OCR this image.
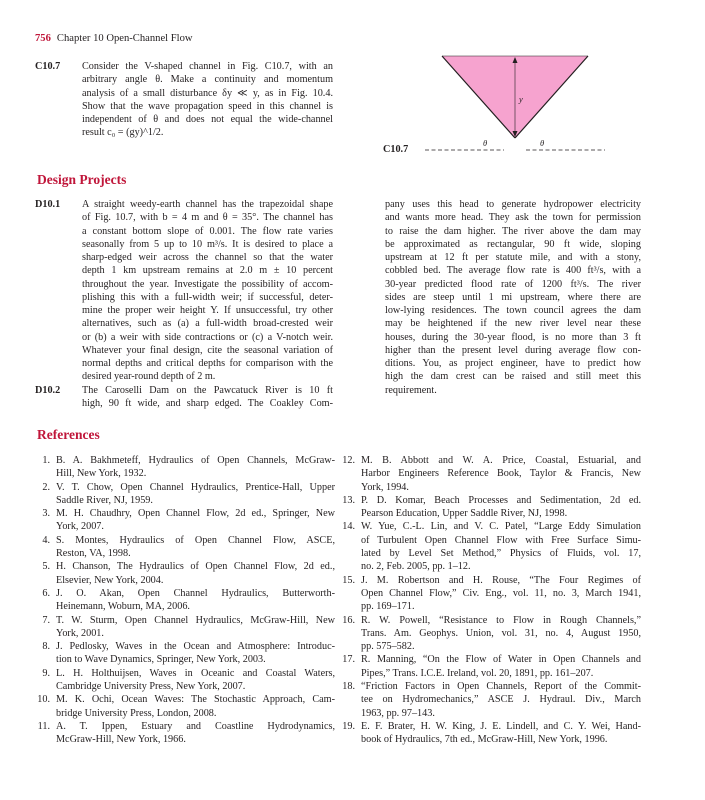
756 Chapter 10 Open-Channel Flow
C10.7 Consider the V-shaped channel in Fig. C10.7, with an
arbitrary angle θ. Make a continuity and momentum
analysis of a small disturbance δy ≪ y, as in Fig. 10.4.
Show that the wave propagation speed in this channel is
independent of θ and does not equal the wide-channel
result c₀ = (gy)^1/2.
y
θ	θ
C10.7
Design Projects
D10.1 A straight weedy-earth channel has the trapezoidal shape
of Fig. 10.7, with b = 4 m and θ = 35°. The channel has
a constant bottom slope of 0.001. The flow rate varies
seasonally from 5 up to 10 m³/s. It is desired to place a
sharp-edged weir across the channel so that the water
depth 1 km upstream remains at 2.0 m ± 10 percent
throughout the year. Investigate the possibility of accom-
plishing this with a full-width weir; if successful, deter-
mine the proper weir height Y. If unsuccessful, try other
alternatives, such as (a) a full-width broad-crested weir
or (b) a weir with side contractions or (c) a V-notch weir.
Whatever your final design, cite the seasonal variation of
normal depths and critical depths for comparison with the
desired year-round depth of 2 m.
D10.2 The Caroselli Dam on the Pawcatuck River is 10 ft
high, 90 ft wide, and sharp edged. The Coakley Com-
pany uses this head to generate hydropower electricity
and wants more head. They ask the town for permission
to raise the dam higher. The river above the dam may
be approximated as rectangular, 90 ft wide, sloping
upstream at 12 ft per statute mile, and with a stony,
cobbled bed. The average flow rate is 400 ft³/s, with a
30-year predicted flood rate of 1200 ft³/s. The river
sides are steep until 1 mi upstream, where there are
low-lying residences. The town council agrees the dam
may be heightened if the new river level near these
houses, during the 30-year flood, is no more than 3 ft
higher than the present level during average flow con-
ditions. You, as project engineer, have to predict how
high the dam crest can be raised and still meet this
requirement.
References
1. B. A. Bakhmeteff, Hydraulics of Open Channels, McGraw-
Hill, New York, 1932.
2. V. T. Chow, Open Channel Hydraulics, Prentice-Hall, Upper
Saddle River, NJ, 1959.
3. M. H. Chaudhry, Open Channel Flow, 2d ed., Springer, New
York, 2007.
4. S. Montes, Hydraulics of Open Channel Flow, ASCE,
Reston, VA, 1998.
5. H. Chanson, The Hydraulics of Open Channel Flow, 2d ed.,
Elsevier, New York, 2004.
6. J. O. Akan, Open Channel Hydraulics, Butterworth-
Heinemann, Woburn, MA, 2006.
7. T. W. Sturm, Open Channel Hydraulics, McGraw-Hill, New
York, 2001.
8. J. Pedlosky, Waves in the Ocean and Atmosphere: Introduc-
tion to Wave Dynamics, Springer, New York, 2003.
9. L. H. Holthuijsen, Waves in Oceanic and Coastal Waters,
Cambridge University Press, New York, 2007.
10. M. K. Ochi, Ocean Waves: The Stochastic Approach, Cam-
bridge University Press, London, 2008.
11. A. T. Ippen, Estuary and Coastline Hydrodynamics,
McGraw-Hill, New York, 1966.
12. M. B. Abbott and W. A. Price, Coastal, Estuarial, and
Harbor Engineers Reference Book, Taylor & Francis, New
York, 1994.
13. P. D. Komar, Beach Processes and Sedimentation, 2d ed.
Pearson Education, Upper Saddle River, NJ, 1998.
14. W. Yue, C.-L. Lin, and V. C. Patel, “Large Eddy Simulation
of Turbulent Open Channel Flow with Free Surface Simu-
lated by Level Set Method,” Physics of Fluids, vol. 17,
no. 2, Feb. 2005, pp. 1–12.
15. J. M. Robertson and H. Rouse, “The Four Regimes of
Open Channel Flow,” Civ. Eng., vol. 11, no. 3, March 1941,
pp. 169–171.
16. R. W. Powell, “Resistance to Flow in Rough Channels,”
Trans. Am. Geophys. Union, vol. 31, no. 4, August 1950,
pp. 575–582.
17. R. Manning, “On the Flow of Water in Open Channels and
Pipes,” Trans. I.C.E. Ireland, vol. 20, 1891, pp. 161–207.
18. “Friction Factors in Open Channels, Report of the Commit-
tee on Hydromechanics,” ASCE J. Hydraul. Div., March
1963, pp. 97–143.
19. E. F. Brater, H. W. King, J. E. Lindell, and C. Y. Wei, Hand-
book of Hydraulics, 7th ed., McGraw-Hill, New York, 1996.
